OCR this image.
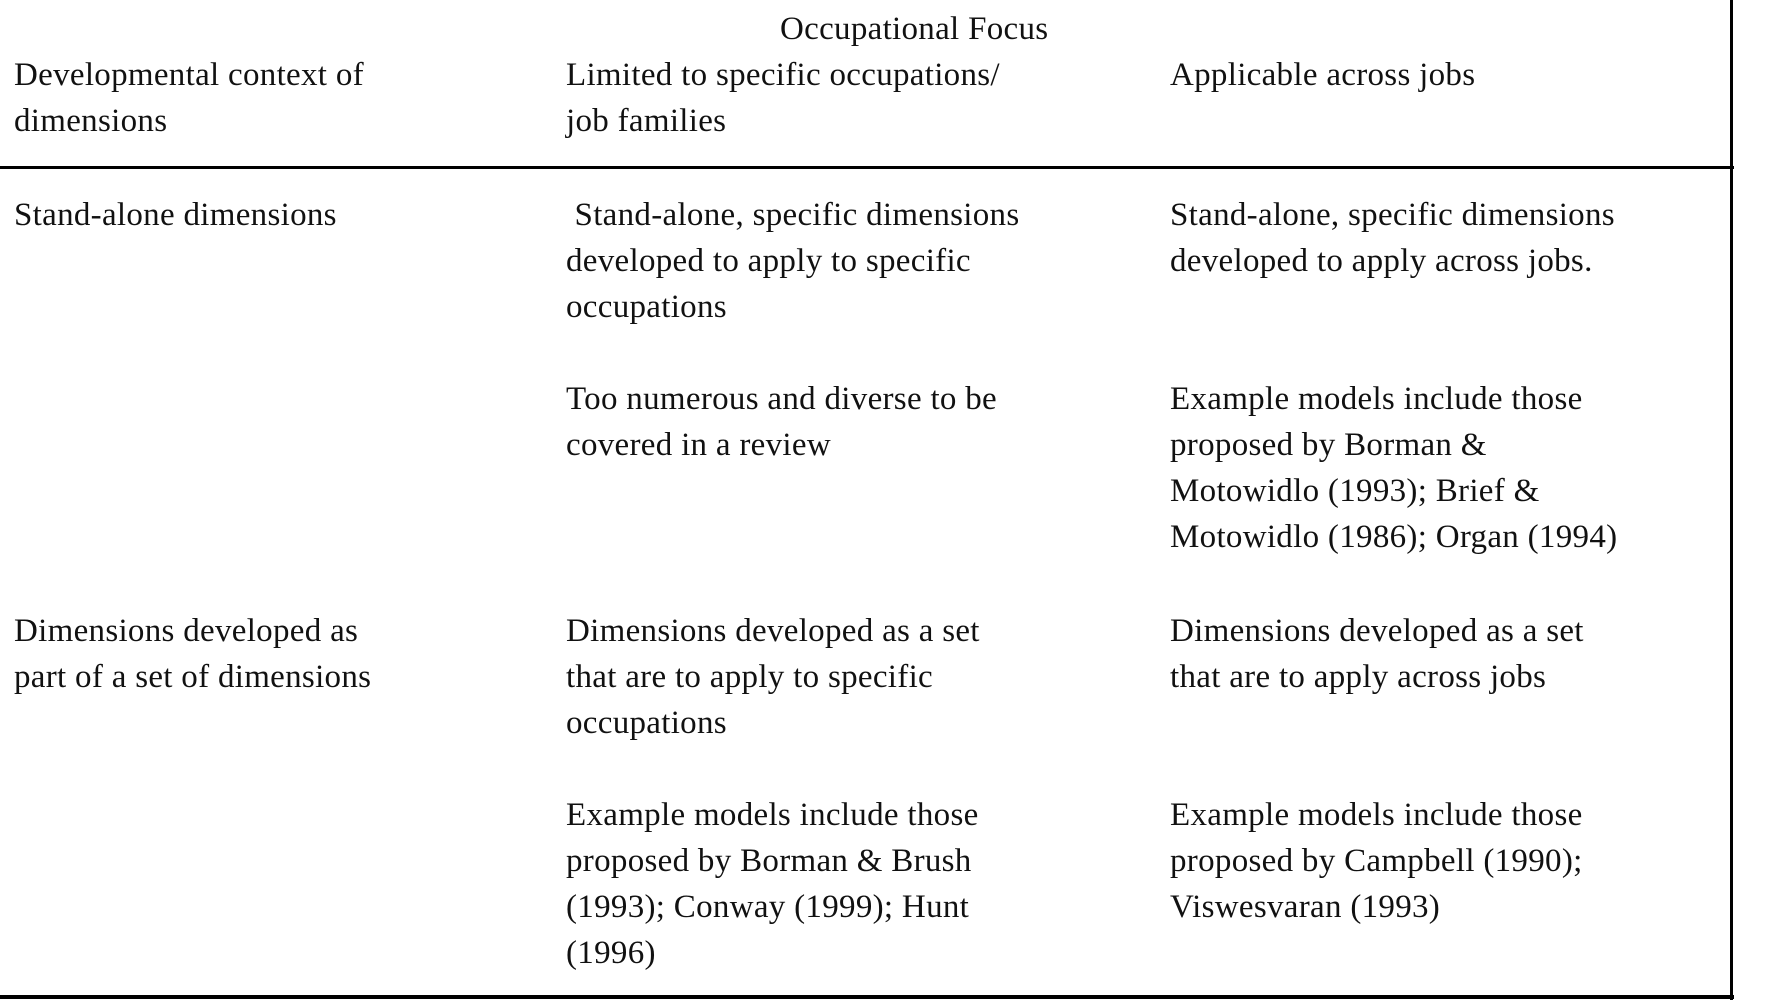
Occupational Focus
Developmental context of
dimensions
Limited to specific occupations/
job families
Applicable across jobs
Stand-alone dimensions	Stand-alone, specific dimensions
developed to apply to specific
occupations
Too numerous and diverse to be
covered in a review
Stand-alone, specific dimensions
developed to apply across jobs.
Example models include those
proposed by Borman &
Motowidlo (1993); Brief &
Motowidlo (1986); Organ (1994)
Dimensions developed as
part of a set of dimensions
Dimensions developed as a set
that are to apply to specific
occupations
Example models include those
proposed by Borman & Brush
(1993); Conway (1999); Hunt
(1996)
Dimensions developed as a set
that are to apply across jobs
Example models include those
proposed by Campbell (1990);
Viswesvaran (1993)
